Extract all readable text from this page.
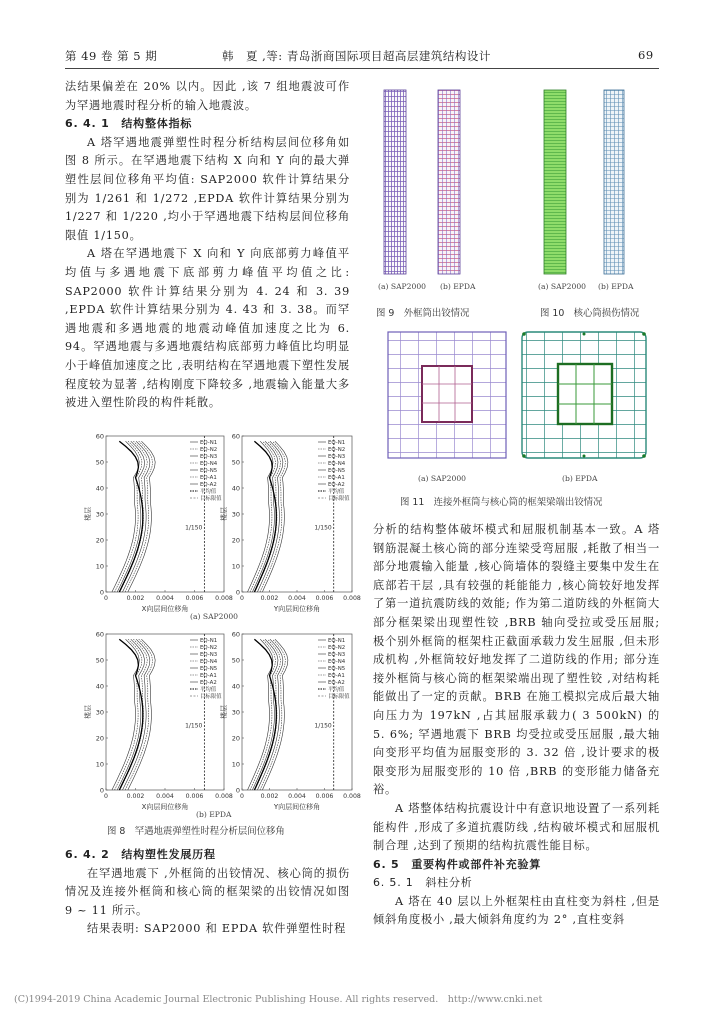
第 49 卷 第 5 期	韩　夏 ,等: 青岛浙商国际项目超高层建筑结构设计	69

法结果偏差在 20% 以内。因此 ,该 7 组地震波可作为罕遇地震时程分析的输入地震波。

6. 4. 1　结构整体指标

A 塔罕遇地震弹塑性时程分析结构层间位移角如图 8 所示。在罕遇地震下结构 X 向和 Y 向的最大弹塑性层间位移角平均值: SAP2000 软件计算结果分别为 1/261 和 1/272 ,EPDA 软件计算结果分别为 1/227 和 1/220 ,均小于罕遇地震下结构层间位移角限值 1/150。

A 塔在罕遇地震下 X 向和 Y 向底部剪力峰值平均值与多遇地震下底部剪力峰值平均值之比: SAP2000 软件计算结果分别为 4. 24 和 3. 39 ,EPDA 软件计算结果分别为 4. 43 和 3. 38。而罕遇地震和多遇地震的地震动峰值加速度之比为 6. 94。罕遇地震与多遇地震结构底部剪力峰值比均明显小于峰值加速度之比 ,表明结构在罕遇地震下塑性发展程度较为显著 ,结构刚度下降较多 ,地震输入能量大多被进入塑性阶段的构件耗散。

0
10
20
30
40
50
60
0	0.002 0.004 0.006 0.008
X向层间位移角
楼层
1/150
EQ-N1
EQ-N2
EQ-N3
EQ-N4
EQ-N5
EQ-A1
EQ-A2
平均值
目标限值
0
10
20
30
40
50
60
0	0.002 0.004 0.006 0.008
Y向层间位移角
楼层
1/150
EQ-N1
EQ-N2
EQ-N3
EQ-N4
EQ-N5
EQ-A1
EQ-A2
平均值
目标限值
(a) SAP2000
0
10
20
30
40
50
60
0	0.002 0.004 0.006 0.008
X向层间位移角
楼层
1/150
EQ-N1
EQ-N2
EQ-N3
EQ-N4
EQ-N5
EQ-A1
EQ-A2
平均值
目标限值
0
10
20
30
40
50
60
0	0.002 0.004 0.006 0.008
Y向层间位移角
楼层
1/150
EQ-N1
EQ-N2
EQ-N3
EQ-N4
EQ-N5
EQ-A1
EQ-A2
平均值
目标限值
(b) EPDA
图 8　罕遇地震弹塑性时程分析层间位移角

6. 4. 2　结构塑性发展历程

在罕遇地震下 ,外框筒的出铰情况、核心筒的损伤情况及连接外框筒和核心筒的框架梁的出铰情况如图 9 ~ 11 所示。

结果表明: SAP2000 和 EPDA 软件弹塑性时程

(a) SAP2000 (b) EPDA
图 9　外框筒出铰情况
(a) SAP2000 (b) EPDA
图 10　核心筒损伤情况
(a) SAP2000	(b) EPDA
图 11　连接外框筒与核心筒的框架梁端出铰情况

分析的结构整体破坏模式和屈服机制基本一致。A 塔钢筋混凝土核心筒的部分连梁受弯屈服 ,耗散了相当一部分地震输入能量 ,核心筒墙体的裂缝主要集中发生在底部若干层 ,具有较强的耗能能力 ,核心筒较好地发挥了第一道抗震防线的效能; 作为第二道防线的外框筒大部分框架梁出现塑性铰 ,BRB 轴向受拉或受压屈服; 极个别外框筒的框架柱正截面承载力发生屈服 ,但未形成机构 ,外框筒较好地发挥了二道防线的作用; 部分连接外框筒与核心筒的框架梁端出现了塑性铰 ,对结构耗能做出了一定的贡献。BRB 在施工模拟完成后最大轴向压力为 197kN ,占其屈服承载力( 3 500kN) 的 5. 6%; 罕遇地震下 BRB 均受拉或受压屈服 ,最大轴向变形平均值为屈服变形的 3. 32 倍 ,设计要求的极限变形为屈服变形的 10 倍 ,BRB 的变形能力储备充裕。

A 塔整体结构抗震设计中有意识地设置了一系列耗能构件 ,形成了多道抗震防线 ,结构破坏模式和屈服机制合理 ,达到了预期的结构抗震性能目标。

6. 5　重要构件或部件补充验算

6. 5. 1　斜柱分析

A 塔在 40 层以上外框架柱由直柱变为斜柱 ,但是倾斜角度极小 ,最大倾斜角度约为 2° ,直柱变斜

(C)1994-2019 China Academic Journal Electronic Publishing House. All rights reserved.　http://www.cnki.net
